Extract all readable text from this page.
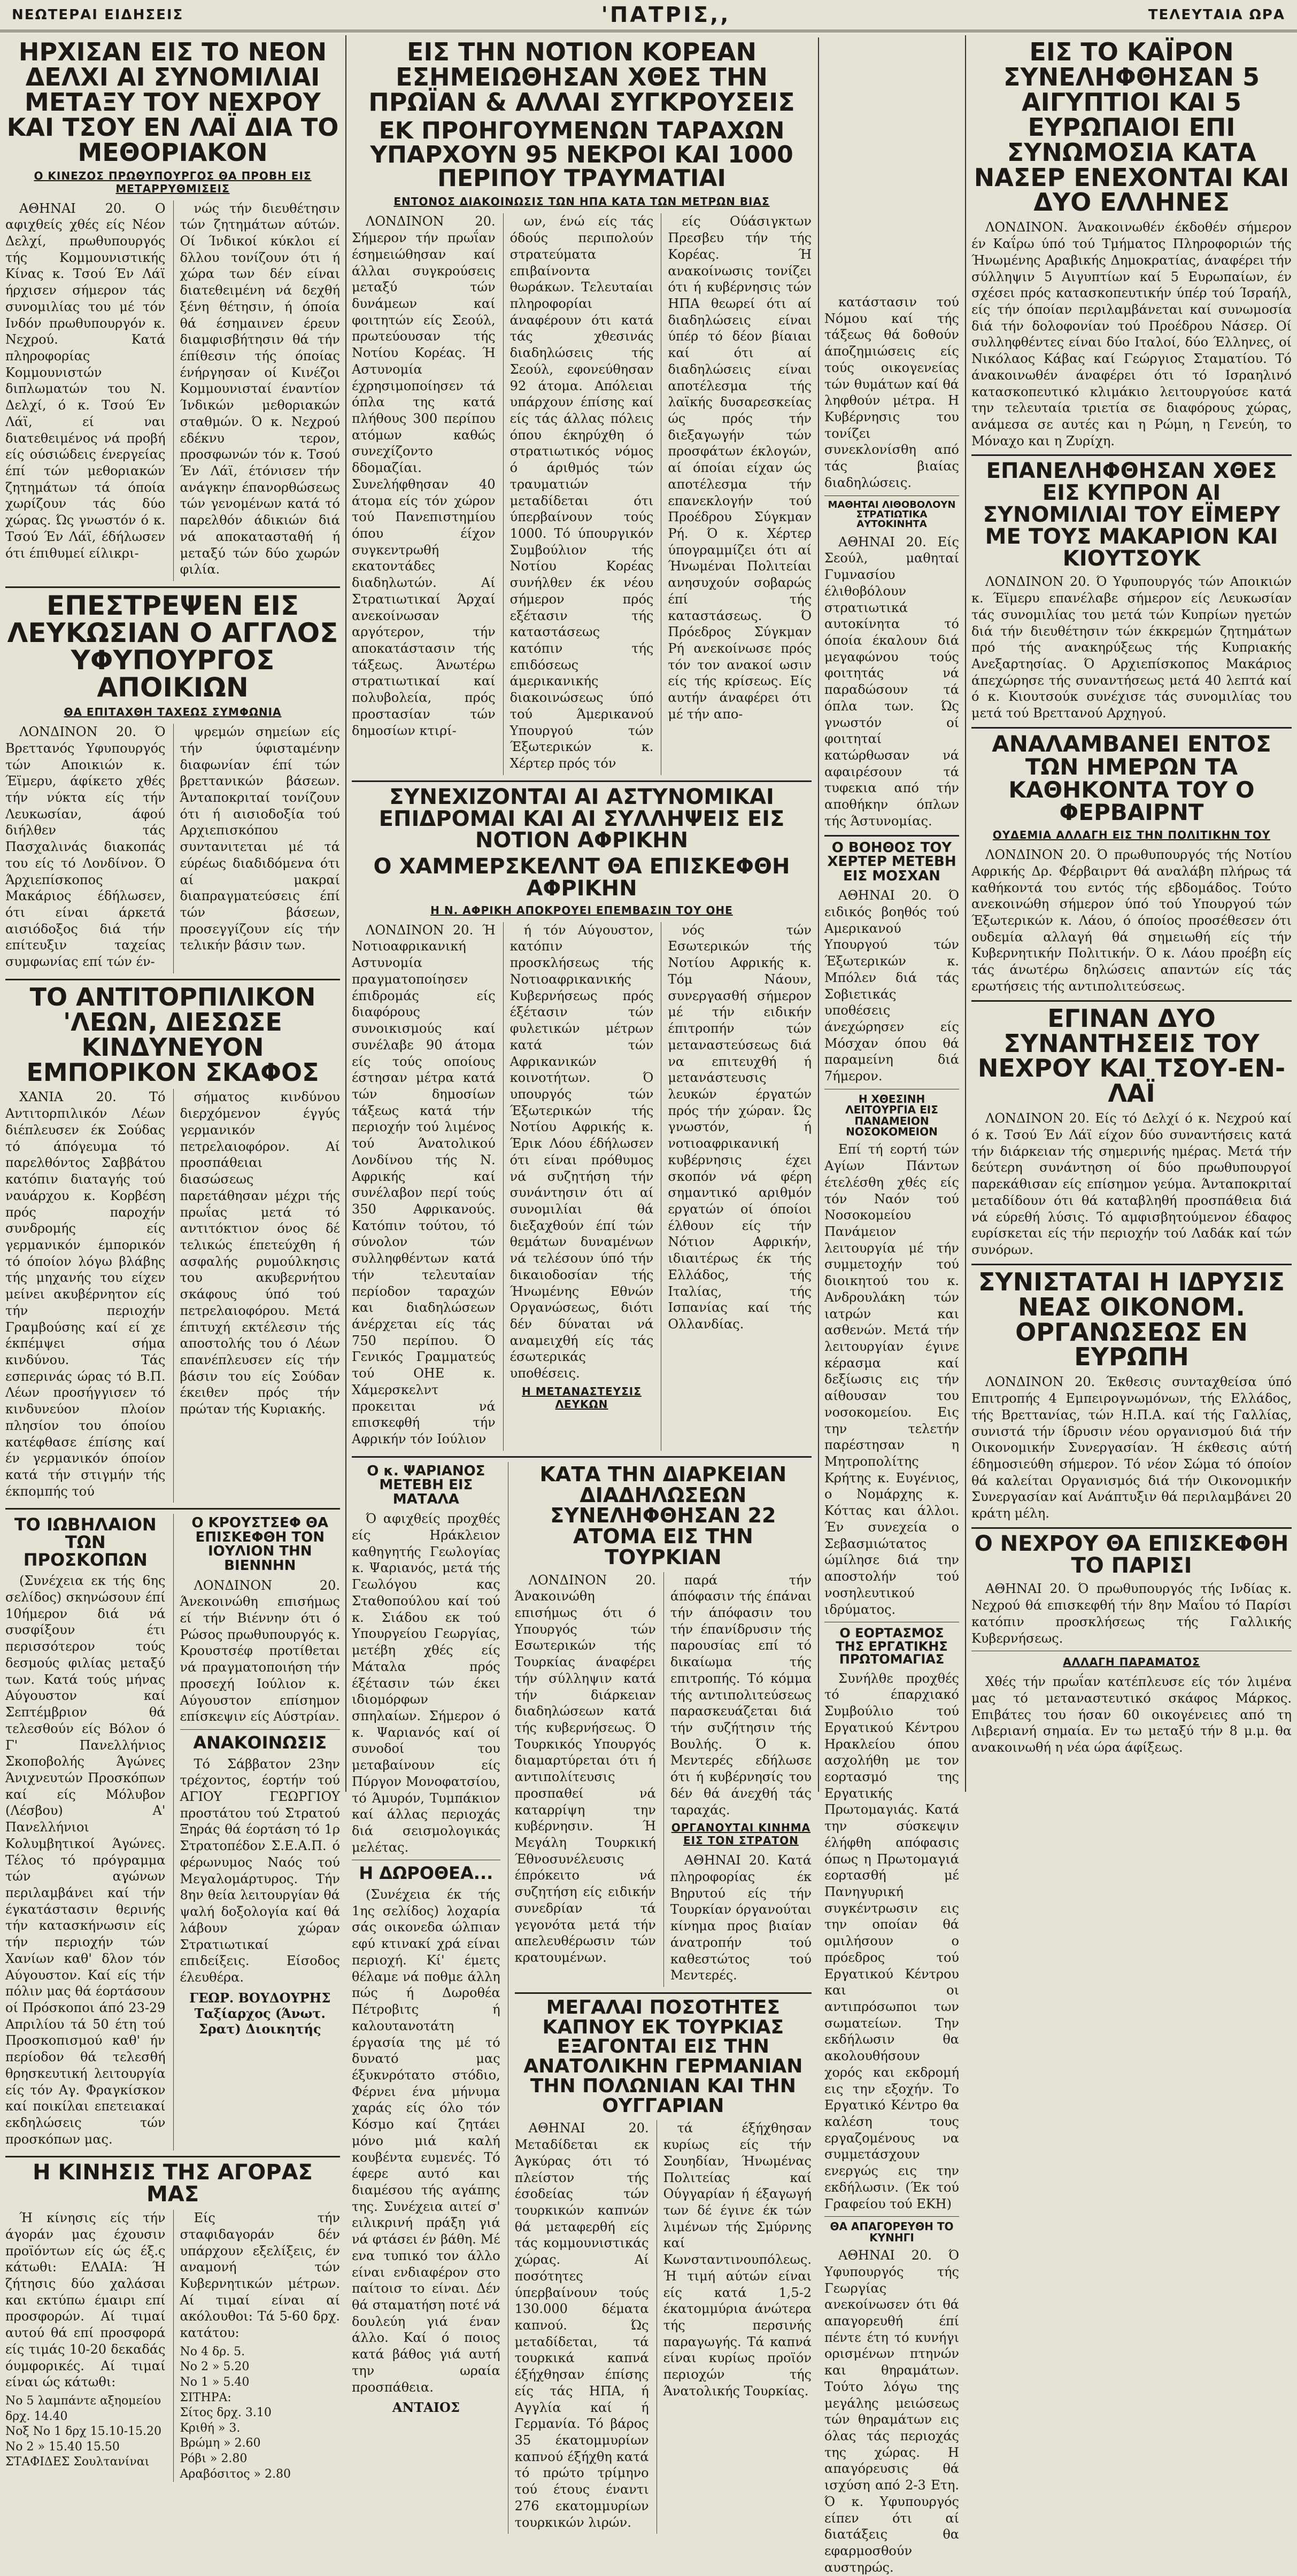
ΝΕΩΤΕΡΑΙ ΕΙΔΗΣΕΙΣ	'ΠΑΤΡΙΣ,,	ΤΕΛΕΥΤΑΙΑ ΩΡΑ
ΗΡΧΙΣΑΝ ΕΙΣ ΤΟ ΝΕΟΝ ΔΕΛΧΙ ΑΙ ΣΥΝΟΜΙΛΙΑΙ ΜΕΤΑΞΥ ΤΟΥ ΝΕΧΡΟΥ ΚΑΙ ΤΣΟΥ ΕΝ ΛΑΪ ΔΙΑ ΤΟ ΜΕΘΟΡΙΑΚΟΝ
Ο ΚΙΝΕΖΟΣ ΠΡΩΘΥΠΟΥΡΓΟΣ ΘΑ ΠΡΟΒΗ ΕΙΣ ΜΕΤΑΡΡΥΘΜΙΣΕΙΣ

ΑΘΗΝΑΙ 20. Ο αφιχθείς χθές είς Νέον Δελχί, πρωθυπουργός τής Κομμουνιστικής Κίνας κ. Τσού Έν Λάϊ ήρχισεν σήμερον τάς συνομιλίας του μέ τόν Ινδόν πρωθυπουργόν κ. Νεχρού. Κατά πληροφορίας Κομμουνιστών διπλωματών του Ν. Δελχί, ό κ. Τσού Έν Λάϊ, εί ναι διατεθειμένος νά προβή είς ούσιώδεις ένεργείας έπί τών μεθοριακών ζητημάτων τά όποία χωρίζουν τάς δύο χώρας. Ώς γνωστόν ό κ. Τσού Έν Λάϊ, έδήλωσεν ότι έπιθυμεί είλικρι-

νώς τήν διευθέτησιν τών ζητημάτων αύτών. Οί Ίνδικοί κύκλοι εί δλλου τονίζουν ότι ή χώρα των δέν είναι διατεθειμένη νά δεχθή ξένη θέτησιν, ή όποία θά έσημαινεν έρευν διαμφισβήτησιν θά τήν έπίθεσιν τής όποίας ένήργησαν οί Κινέζοι Κομμουνισταί έναντίον Ίνδικών μεθοριακών σταθμών. Ό κ. Νεχρού εδέκνυ τερον, προσφωνών τόν κ. Τσού Έν Λάϊ, έτόνισεν τήν ανάγκην έπανορθώσεως τών γενομένων κατά τό παρελθόν άδικιών διά νά αποκατασταθή ή μεταξύ τών δύο χωρών φιλία.

ΕΠΕΣΤΡΕΨΕΝ ΕΙΣ ΛΕΥΚΩΣΙΑΝ Ο ΑΓΓΛΟΣ ΥΦΥΠΟΥΡΓΟΣ ΑΠΟΙΚΙΩΝ
ΘΑ ΕΠΙΤΑΧΘΗ ΤΑΧΕΩΣ ΣΥΜΦΩΝΙΑ

ΛΟΝΔΙΝΟΝ 20. Ό Βρεττανός Υφυπουργός τών Αποικιών κ. Έϊμερυ, άφίκετο χθές τήν νύκτα είς τήν Λευκωσίαν, άφού διήλθεν τάς Πασχαλινάς διακοπάς του είς τό Λονδίνον. Ό Άρχιεπίσκοπος Μακάριος έδήλωσεν, ότι είναι άρκετά αισιόδοξος διά τήν επίτευξιν ταχείας συμφωνίας επί τών έν-

ψρεμών σημείων είς τήν ύφισταμένην διαφωνίαν έπί τών βρεττανικών βάσεων. Άνταποκριταί τονίζουν ότι ή αισιοδοξία τού Αρχιεπισκόπου συντανιτεται μέ τά εύρέως διαδιδόμενα ότι αί μακραί διαπραγματεύσεις έπί τών βάσεων, προσεγγίζουν είς τήν τελικήν βάσιν των.

ΤΟ ΑΝΤΙΤΟΡΠΙΛΙΚΟΝ 'ΛΕΩΝ, ΔΙΕΣΩΣΕ ΚΙΝΔΥΝΕΥΟΝ ΕΜΠΟΡΙΚΟΝ ΣΚΑΦΟΣ

ΧΑΝΙΑ 20. Τό Αντιτορπιλικόν Λέων διέπλευσεν έκ Σούδας τό άπόγευμα τό παρελθόντος Σαββάτου κατόπιν διαταγής τού ναυάρχου κ. Κορβέση πρός παροχήν συνδρομής είς γερμανικόν έμπορικόν τό όποίον λόγω βλάβης τής μηχανής του είχεν μείνει ακυβέρνητον είς τήν περιοχήν Γραμβούσης καί εί χε έκπέμψει σήμα κινδύνου. Τάς εσπερινάς ώρας τό Β.Π. Λέων προσήγγισεν τό κινδυνεύον πλοίον πλησίον του όποίου κατέφθασε έπίσης καί έν γερμανικόν όποίον κατά τήν στιγμήν τής έκπομπής τού

σήματος κινδύνου διερχόμενον έγγύς γερμανικόν πετρελαιοφόρον. Αί προσπάθειαι διασώσεως παρετάθησαν μέχρι τής πρωΐας μετά τό αντιτόκτιον όνος δέ τελικώς έπετεύχθη ή ασφαλής ρυμούλκησις του ακυβερνήτου σκάφους ύπό τού πετρελαιοφόρου. Μετά έπιτυχή εκτέλεσιν τής αποστολής του ό Λέων επανέπλευσεν είς τήν βάσιν του είς Σούδαν έκειθεν πρός τήν πρώταν τής Κυριακής.

ΤΟ ΙΩΒΗΛΑΙΟΝ ΤΩΝ ΠΡΟΣΚΟΠΩΝ

(Συνέχεια εκ τής 6ης σελίδος) σκηνώσουν έπί 10ήμερον διά νά συσφίξουν έτι περισσότερον τούς δεσμούς φιλίας μεταξύ των. Κατά τούς μήνας Αύγουστον καί Σεπτέμβριον θά τελεσθούν είς Βόλον ό Γ' Πανελλήνιος Σκοποβολής Άγώνες Άνιχνευτών Προσκόπων καί είς Μόλυβον (Λέσβου) Α' Πανελλήνιοι Κολυμβητικοί Άγώνες. Τέλος τό πρόγραμμα τών αγώνων περιλαμβάνει καί τήν έγκατάστασιν θερινής τήν κατασκήνωσιν είς τήν περιοχήν τών Χανίων καθ' δλον τόν Αύγουστον. Καί είς τήν πόλιν μας θά έορτάσουν οί Πρόσκοποι άπό 23-29 Απριλίου τά 50 έτη τού Προσκοπισμού καθ' ήν περίοδον θά τελεσθή θρησκευτική λειτουργία είς τόν Αγ. Φραγκίσκον καί ποικίλαι επετειακαί εκδηλώσεις τών προσκόπων μας.

Ο ΚΡΟΥΣΤΣΕΦ ΘΑ ΕΠΙΣΚΕΦΘΗ ΤΟΝ ΙΟΥΛΙΟΝ ΤΗΝ ΒΙΕΝΝΗΝ

ΛΟΝΔΙΝΟΝ 20. Άνεκοινώθη επισήμως εί τήν Βιέννην ότι ό Ρώσος πρωθυπουργός κ. Κρουστσέφ προτίθεται νά πραγματοποιήση τήν προσεχή Ιούλιον κ. Αύγουστον επίσημον επίσκεψιν είς Αύστρίαν.

ΑΝΑΚΟΙΝΩΣΙΣ

Τό Σάββατον 23ην τρέχοντος, έορτήν τού ΑΓΙΟΥ ΓΕΩΡΓΙΟΥ προστάτου τού Στρατού Ξηράς θά έορτάση τό 1ρ Στρατοπέδον Σ.Ε.Α.Π. ό φέρωνυμος Ναός τού Μεγαλομάρτυρος. Τήν 8ην θεία λειτουργίαν θά ψαλή δοξολογία καί θά λάβουν χώραν Στρατιωτικαί επιδείξεις. Είσοδος έλευθέρα.

ΓΕΩΡ. ΒΟΥΔΟΥΡΗΣ Ταξίαρχος (Άνωτ. Σρατ) Διοικητής
Η ΚΙΝΗΣΙΣ ΤΗΣ ΑΓΟΡΑΣ ΜΑΣ

Ή κίνησις είς τήν άγοράν μας έχουσιν προϊόντων είς ώς έξ.ς κάτωθι: ΕΛΑΙΑ: Ή ζήτησις δύο χαλάσαι και εκτύπω έμαιρι επί προσφορών. Αί τιμαί αυτού θά επί προσφορά είς τιμάς 10-20 δεκαδάς όυμφορικές. Αί τιμαί είναι ώς κάτωθι:

Νο 5 λαμπάντε αξηομείου δρχ. 14.40
Νοξ Νο 1 δρχ 15.10-15.20
Νο 2 » 15.40 15.50
ΣΤΑΦΙΔΕΣ Σουλτανίναι

Είς τήν σταφιδαγοράν δέν υπάρχουν εξελίξεις, έν αναμονή τών Κυβερνητικών μέτρων. Αί τιμαί είναι αί ακόλουθοι: Τά 5-60 δρχ. κατάτου:

Νο 4 δρ. 5.
Νο 2 » 5.20
Νο 1 » 5.40
ΣΙΤΗΡΑ:
Σίτος δρχ. 3.10
Κριθή » 3.
Βρώμη » 2.60
Ρόβι » 2.80
Αραβόσιτος » 2.80
ΕΙΣ ΤΗΝ ΝΟΤΙΟΝ ΚΟΡΕΑΝ ΕΣΗΜΕΙΩΘΗΣΑΝ ΧΘΕΣ ΤΗΝ ΠΡΩΪΑΝ & ΑΛΛΑΙ ΣΥΓΚΡΟΥΣΕΙΣ
ΕΚ ΠΡΟΗΓΟΥΜΕΝΩΝ ΤΑΡΑΧΩΝ ΥΠΑΡΧΟΥΝ 95 ΝΕΚΡΟΙ ΚΑΙ 1000 ΠΕΡΙΠΟΥ ΤΡΑΥΜΑΤΙΑΙ
ΕΝΤΟΝΟΣ ΔΙΑΚΟΙΝΩΣΙΣ ΤΩΝ ΗΠΑ ΚΑΤΑ ΤΩΝ ΜΕΤΡΩΝ ΒΙΑΣ

ΛΟΝΔΙΝΟΝ 20. Σήμερον τήν πρωΐαν έσημειώθησαν καί άλλαι συγκρούσεις μεταξύ τών δυνάμεων καί φοιτητών είς Σεούλ, πρωτεύουσαν τής Νοτίου Κορέας. Ή Αστυνομία έχρησιμοποίησεν τά όπλα της κατά πλήθους 300 περίπου ατόμων καθώς συνεχίζοντο δδομαζίαι. Συνελήφθησαν 40 άτομα είς τόν χώρον τού Πανεπιστημίου όπου έίχον συγκεντρωθή εκατοντάδες διαδηλωτών. Αί Στρατιωτικαί Άρχαί ανεκοίνωσαν αργότερον, τήν αποκατάστασιν τής τάξεως. Άνωτέρω στρατιωτικαί καί πολυβολεία, πρός προστασίαν τών δημοσίων κτιρί-

ων, ένώ είς τάς όδούς περιπολούν στρατεύματα επιβαίνοντα θωράκων. Τελευταίαι πληροφορίαι άναφέρουν ότι κατά τάς χθεσινάς διαδηλώσεις τής Σεούλ, εφονεύθησαν 92 άτομα. Απόλειαι υπάρχουν έπίσης καί είς τάς άλλας πόλεις όπου έκηρύχθη ό στρατιωτικός νόμος ό άριθμός τών τραυματιών μεταδίδεται ότι ύπερβαίνουν τούς 1000. Τό ύπουργικόν Συμβούλιον τής Νοτίου Κορέας συνήλθεν έκ νέου σήμερον πρός εξέτασιν τής καταστάσεως κατόπιν τής επιδόσεως άμερικανικής διακοινώσεως ύπό τού Άμερικανού Υπουργού τών Έξωτερικών κ. Χέρτερ πρός τόν

είς Ούάσιγκτων Πρεσβευ τήν τής Κορέας. Ή ανακοίνωσις τονίζει ότι ή κυβέρνησις τών ΗΠΑ θεωρεί ότι αί διαδηλώσεις είναι ύπέρ τό δέον βίαιαι καί ότι αί διαδηλώσεις είναι αποτέλεσμα τής λαϊκής δυσαρεσκείας ώς πρός τήν διεξαγωγήν τών προσφάτων έκλογών, αί όποίαι είχαν ώς αποτέλεσμα τήν επανεκλογήν τού Προέδρου Σύγκμαν Ρή. Ό κ. Χέρτερ ύπογραμμίζει ότι αί Ήνωμέναι Πολιτείαι ανησυχούν σοβαρώς έπί τής καταστάσεως. Ό Πρόεδρος Σύγκμαν Ρή ανεκοίνωσε πρός τόν τον ανακοί ωσιν είς τής κρίσεως. Είς αυτήν άναφέρει ότι μέ τήν απο-

ΣΥΝΕΧΙΖΟΝΤΑΙ ΑΙ ΑΣΤΥΝΟΜΙΚΑΙ ΕΠΙΔΡΟΜΑΙ ΚΑΙ ΑΙ ΣΥΛΛΗΨΕΙΣ ΕΙΣ ΝΟΤΙΟΝ ΑΦΡΙΚΗΝ
Ο ΧΑΜΜΕΡΣΚΕΛΝΤ ΘΑ ΕΠΙΣΚΕΦΘΗ ΑΦΡΙΚΗΝ
Η Ν. ΑΦΡΙΚΗ ΑΠΟΚΡΟΥΕΙ ΕΠΕΜΒΑΣΙΝ ΤΟΥ ΟΗΕ

ΛΟΝΔΙΝΟΝ 20. Ή Νοτιοαφρικανική Αστυνομία πραγματοποίησεν έπιδρομάς είς διαφόρους συνοικισμούς καί συνέλαβε 90 άτομα είς τούς οποίους έστησαν μέτρα κατά τών δημοσίων τάξεως κατά τήν περιοχήν τού λιμένος τού Άνατολικού Λονδίνου τής Ν. Αφρικής καί συνέλαβον περί τούς 350 Αφρικανούς. Κατόπιν τούτου, τό σύνολον τών συλληφθέντων κατά τήν τελευταίαν περίοδον ταραχών και διαδηλώσεων άνέρχεται είς τάς 750 περίπου. Ό Γενικός Γραμματεύς τού ΟΗΕ κ. Χάμερσκελντ προκειται νά επισκεφθή τήν Αφρικήν τόν Ιούλιον

ή τόν Αύγουστον, κατόπιν προσκλήσεως τής Νοτιοαφρικανικής Κυβερνήσεως πρός έξέτασιν τών φυλετικών μέτρων κατά τών Αφρικανικών κοινοτήτων. Ό υπουργός τών Έξωτερικών τής Νοτίου Αφρικής κ. Έρικ Λόου έδήλωσεν ότι είναι πρόθυμος νά συζητήση τήν συνάντησιν ότι αί συνομιλίαι θά διεξαχθούν έπί τών θεμάτων δυναμένων νά τελέσουν ύπό τήν δικαιοδοσίαν τής Ήνωμένης Εθνών Οργανώσεως, διότι δέν δύναται νά αναμειχθή είς τάς έσωτερικάς υποθέσεις.

Η ΜΕΤΑΝΑΣΤΕΥΣΙΣ ΛΕΥΚΩΝ

νός τών Εσωτερικών τής Νοτίου Αφρικής κ. Τόμ Νάουν, συνεργασθή σήμερον μέ τήν ειδικήν έπιτροπήν τών μεταναστεύσεως διά να επιτευχθή ή μετανάστευσις λευκών έργατών πρός τήν χώραν. Ώς γνωστόν, ή νοτιοαφρικανική κυβέρνησις έχει σκοπόν νά φέρη σημαντικό αριθμόν εργατών οί όποίοι έλθουν είς τήν Νότιον Αφρικήν, ιδιαιτέρως έκ τής Ελλάδος, τής Ιταλίας, τής Ισπανίας καί τής Ολλανδίας.

Ο κ. ΨΑΡΙΑΝΟΣ ΜΕΤΕΒΗ ΕΙΣ ΜΑΤΑΛΑ

Ό αφιχθείς προχθές είς Ηράκλειον καθηγητής Γεωλογίας κ. Ψαριανός, μετά τής Γεωλόγου κας Σταθοπούλου καί τού κ. Σιάδου εκ τού Υπουργείου Γεωργίας, μετέβη χθές είς Μάταλα πρός έξέτασιν τών έκει ιδιομόρφων σπηλαίων. Σήμερον ό κ. Ψαριανός καί οί συνοδοί του μεταβαίνουν είς Πύργον Μονοφατσίου, τό Άμυρόν, Τυμπάκιον καί άλλας περιοχάς διά σεισμολογικάς μελέτας.

Η ΔΩΡΟΘΕΑ...

(Συνέχεια έκ τής 1ης σελίδος) λοχαρία σάς οικονεδα ώλπιαν εφύ κτινακί χρά είναι περιοχή. Κί' έμετς θέλαμε νά ποθμε άλλη πώς ή Δωροθέα Πέτροβιτς ή καλουτανοτάτη έργασία της μέ τό δυνατό μας έξυκνρότατο στόδιο, Φέρνει ένα μήνυμα χαράς είς όλο τόν Κόσμο καί ζητάει μόνο μιά καλή κουβέντα ευμενές. Τό έφερε αυτό και διαμέσου τής αγάπης της. Συνέχεια αιτεί σ' ειλικρινή πράξη γιά νά φτάσει έν βάθη. Μέ ενα τυπικό τον άλλο είναι ενδιαφέρον στο παίτοισ το είναι. Δέν θά σταματήση ποτέ νά δουλεύη γιά έναν άλλο. Καί ό ποιος κατά βάθος γιά αυτή την ωραία προσπάθεια.

ΑΝΤΑΙΟΣ
ΚΑΤΑ ΤΗΝ ΔΙΑΡΚΕΙΑΝ ΔΙΑΔΗΛΩΣΕΩΝ ΣΥΝΕΛΗΦΘΗΣΑΝ 22 ΑΤΟΜΑ ΕΙΣ ΤΗΝ ΤΟΥΡΚΙΑΝ

ΛΟΝΔΙΝΟΝ 20. Άνακοινώθη επισήμως ότι ό Υπουργός τών Εσωτερικών τής Τουρκίας άναφέρει τήν σύλληψιν κατά τήν διάρκειαν διαδηλώσεων κατά τής κυβερνήσεως. Ό Τουρκικός Υπουργός διαμαρτύρεται ότι ή αντιπολίτευσις προσπαθεί νά καταρρίψη την κυβέρνησιν. Ή Μεγάλη Τουρκική Έθνοσυνέλευσις έπρόκειτο νά συζητήση είς ειδικήν συνεδρίαν τά γεγονότα μετά τήν απελευθέρωσιν τών κρατουμένων.

παρά τήν άπόφασιν τής έπάναι τήν άπόφασιν του τήν έπανίδρυσιν τής παρουσίας επί τό δικαίωμα τής επιτροπής. Τό κόμμα τής αντιπολιτεύσεως παρασκευάζεται διά τήν συζήτησιν τής Βουλής. Ό κ. Μεντερές εδήλωσε ότι ή κυβέρνησίς του δέν θά άνεχθή τάς ταραχάς.

ΟΡΓΑΝΟΥΤΑΙ ΚΙΝΗΜΑ ΕΙΣ ΤΟΝ ΣΤΡΑΤΟΝ

ΑΘΗΝΑΙ 20. Κατά πληροφορίας έκ Βηρυτού είς τήν Τουρκίαν όργανούται κίνημα προς βιαίαν άνατροπήν τού καθεστώτος τού Μεντερές.

ΜΕΓΑΛΑΙ ΠΟΣΟΤΗΤΕΣ ΚΑΠΝΟΥ ΕΚ ΤΟΥΡΚΙΑΣ ΕΞΑΓΟΝΤΑΙ ΕΙΣ ΤΗΝ ΑΝΑΤΟΛΙΚΗΝ ΓΕΡΜΑΝΙΑΝ ΤΗΝ ΠΟΛΩΝΙΑΝ ΚΑΙ ΤΗΝ ΟΥΓΓΑΡΙΑΝ

ΑΘΗΝΑΙ 20. Μεταδίδεται εκ Άγκύρας ότι τό πλείστον τής έσοδείας τών τουρκικών καπνών θά μεταφερθή είς τάς κομμουνιστικάς χώρας. Αί ποσότητες ύπερβαίνουν τούς 130.000 δέματα καπνού. Ώς μεταδίδεται, τά τουρκικά καπνά έξήχθησαν έπίσης είς τάς ΗΠΑ, ή Αγγλία καί ή Γερμανία. Τό βάρος 35 έκατομμυρίων καπνού έξήχθη κατά τό πρώτο τρίμηνο τού έτους έναντι 276 εκατομμυρίων τουρκικών λιρών.

τά έξήχθησαν κυρίως είς τήν Σουηδίαν, Ήνωμένας Πολιτείας καί Ούγγαρίαν ή έξαγωγή των δέ έγινε έκ τών λιμένων τής Σμύρνης καί Κωνσταντινουπόλεως. Ή τιμή αύτών είναι είς κατά 1,5-2 έκατομμύρια άνώτερα τής περσινής παραγωγής. Τά καπνά είναι κυρίως προϊόν περιοχών τής Άνατολικής Τουρκίας.

κατάστασιν τού Νόμου καί τής τάξεως θά δοθούν άποζημιώσεις είς τούς οικογενείας τών θυμάτων καί θά ληφθούν μέτρα. Η Κυβέρνησις του τονίζει συνεκλονίσθη από τάς βιαίας διαδηλώσεις.

ΜΑΘΗΤΑΙ ΛΙΘΟΒΟΛΟΥΝ ΣΤΡΑΤΙΩΤΙΚΑ ΑΥΤΟΚΙΝΗΤΑ

ΑΘΗΝΑΙ 20. Είς Σεούλ, μαθηταί Γυμνασίου έλιθοβόλουν στρατιωτικά αυτοκίνητα τό όποία έκαλουν διά μεγαφώνου τούς φοιτητάς νά παραδώσουν τά όπλα των. Ώς γνωστόν οί φοιτηταί κατώρθωσαν νά αφαιρέσουν τά τυφεκια από τήν αποθήκην όπλων τής Άστυνομίας.

Ο ΒΟΗΘΟΣ ΤΟΥ ΧΕΡΤΕΡ ΜΕΤΕΒΗ ΕΙΣ ΜΟΣΧΑΝ

ΑΘΗΝΑΙ 20. Ό ειδικός βοηθός τού Αμερικανού Υπουργού τών Έξωτερικών κ. Μπόλεν διά τάς Σοβιετικάς υποθέσεις άνεχώρησεν είς Μόσχαν όπου θά παραμείνη διά 7ήμερον.

Η ΧΘΕΣΙΝΗ ΛΕΙΤΟΥΡΓΙΑ ΕΙΣ ΠΑΝΑΜΕΙΟΝ ΝΟΣΟΚΟΜΕΙΟΝ

Επί τή εορτή τών Αγίων Πάντων έτελέσθη χθές είς τόν Ναόν τού Νοσοκομείου Πανάμειον λειτουργία μέ τήν συμμετοχήν τού διοικητού του κ. Ανδρουλάκη τών ιατρών και ασθενών. Μετά τήν λειτουργίαν έγινε κέρασμα καί δεξίωσις εις τήν αίθουσαν του νοσοκομείου. Εις την τελετήν παρέστησαν η Μητροπολίτης Κρήτης κ. Ευγένιος, ο Νομάρχης κ. Κόττας και άλλοι. Έν συνεχεία ο Σεβασμιώτατος ώμίλησε διά την αποστολήν τού νοσηλευτικού ιδρύματος.

Ο ΕΟΡΤΑΣΜΟΣ ΤΗΣ ΕΡΓΑΤΙΚΗΣ ΠΡΩΤΟΜΑΓΙΑΣ

Συνήλθε προχθές τό έπαρχιακό Συμβούλιο τού Εργατικού Κέντρου Ηρακλείου όπου ασχολήθη με τον εορτασμό της Εργατικής Πρωτομαγιάς. Κατά την σύσκεψιν έλήφθη απόφασις όπως η Πρωτομαγιά εορτασθή μέ Πανηγυρική συγκέντρωσιν εις την οποίαν θά ομιλήσουν ο πρόεδρος τού Εργατικού Κέντρου και οι αντιπρόσωποι των σωματείων. Την εκδήλωσιν θα ακολουθήσουν χορός και εκδρομή εις την εξοχήν. Το Εργατικό Κέντρο θα καλέση τους εργαζομένους να συμμετάσχουν ενεργώς εις την εκδήλωσιν. (Έκ τού Γραφείου τού ΕΚΗ)

ΘΑ ΑΠΑΓΟΡΕΥΘΗ ΤΟ ΚΥΝΗΓΙ

ΑΘΗΝΑΙ 20. Ό Υφυπουργός τής Γεωργίας ανεκοίνωσεν ότι θά απαγορευθή έπί πέντε έτη τό κυνήγι ορισμένων πτηνών και θηραμάτων. Τούτο λόγω της μεγάλης μειώσεως τών θηραμάτων εις όλας τάς περιοχάς της χώρας. Η απαγόρευσις θά ισχύση από 2-3 Ετη. Ό κ. Υφυπουργός είπεν ότι αί διατάξεις θα εφαρμοσθούν αυστηρώς.

ΕΙΣ ΤΟ ΚΑΪΡΟΝ ΣΥΝΕΛΗΦΘΗΣΑΝ 5 ΑΙΓΥΠΤΙΟΙ ΚΑΙ 5 ΕΥΡΩΠΑΙΟΙ ΕΠΙ ΣΥΝΩΜΟΣΙΑ ΚΑΤΑ ΝΑΣΕΡ ΕΝΕΧΟΝΤΑΙ ΚΑΙ ΔΥΟ ΕΛΛΗΝΕΣ

ΛΟΝΔΙΝΟΝ. Άνακοινωθέν έκδοθέν σήμερον έν Καΐρω ύπό τού Τμήματος Πληροφοριών τής Ήνωμένης Αραβικής Δημοκρατίας, άναφέρει τήν σύλληψιν 5 Αιγυπτίων καί 5 Ευρωπαίων, έν σχέσει πρός κατασκοπευτικήν ύπέρ τού Ίσραήλ, είς τήν όποίαν περιλαμβάνεται καί συνωμοσία διά τήν δολοφονίαν τού Προέδρου Νάσερ. Οί συλληφθέντες είναι δύο Ιταλοί, δύο Έλληνες, οί Νικόλαος Κάβας καί Γεώργιος Σταματίου. Τό άνακοινωθέν άναφέρει ότι τό Ισραηλινό κατασκοπευτικό κλιμάκιο λειτουργούσε κατά την τελευταία τριετία σε διαφόρους χώρας, ανάμεσα σε αυτές και η Ρώμη, η Γενεύη, το Μόναχο και η Ζυρίχη.

ΕΠΑΝΕΛΗΦΘΗΣΑΝ ΧΘΕΣ ΕΙΣ ΚΥΠΡΟΝ ΑΙ ΣΥΝΟΜΙΛΙΑΙ ΤΟΥ ΕΪΜΕΡΥ ΜΕ ΤΟΥΣ ΜΑΚΑΡΙΟΝ ΚΑΙ ΚΙΟΥΤΣΟΥΚ

ΛΟΝΔΙΝΟΝ 20. Ό Υφυπουργός τών Αποικιών κ. Έϊμερυ επανέλαβε σήμερον είς Λευκωσίαν τάς συνομιλίας του μετά τών Κυπρίων ηγετών διά τήν διευθέτησιν τών έκκρεμών ζητημάτων πρό τής ανακηρύξεως τής Κυπριακής Ανεξαρτησίας. Ό Αρχιεπίσκοπος Μακάριος άπεχώρησε τής συναντήσεως μετά 40 λεπτά καί ό κ. Κιουτσούκ συνέχισε τάς συνομιλίας του μετά τού Βρεττανού Αρχηγού.

ΑΝΑΛΑΜΒΑΝΕΙ ΕΝΤΟΣ ΤΩΝ ΗΜΕΡΩΝ ΤΑ ΚΑΘΗΚΟΝΤΑ ΤΟΥ Ο ΦΕΡΒΑΙΡΝΤ
ΟΥΔΕΜΙΑ ΑΛΛΑΓΗ ΕΙΣ ΤΗΝ ΠΟΛΙΤΙΚΗΝ ΤΟΥ

ΛΟΝΔΙΝΟΝ 20. Ό πρωθυπουργός τής Νοτίου Αφρικής Δρ. Φέρβαιρντ θά αναλάβη πλήρως τά καθήκοντά του εντός τής εβδομάδος. Τούτο ανεκοινώθη σήμερον ύπό τού Υπουργού τών Έξωτερικών κ. Λάου, ό όποίος προσέθεσεν ότι ουδεμία αλλαγή θά σημειωθή είς τήν Κυβερνητικήν Πολιτικήν. Ό κ. Λάου προέβη είς τάς άνωτέρω δηλώσεις απαντών είς τάς ερωτήσεις τής αντιπολιτεύσεως.

ΕΓΙΝΑΝ ΔΥΟ ΣΥΝΑΝΤΗΣΕΙΣ ΤΟΥ ΝΕΧΡΟΥ ΚΑΙ ΤΣΟΥ-ΕΝ-ΛΑΪ

ΛΟΝΔΙΝΟΝ 20. Είς τό Δελχί ό κ. Νεχρού καί ό κ. Τσού Έν Λάϊ είχον δύο συναντήσεις κατά τήν διάρκειαν τής σημερινής ημέρας. Μετά τήν δεύτερη συνάντηση οί δύο πρωθυπουργοί παρεκάθισαν είς επίσημον γεύμα. Άνταποκριταί μεταδίδουν ότι θά καταβληθή προσπάθεια διά νά εύρεθή λύσις. Τό αμφισβητούμενον έδαφος ευρίσκεται είς τήν περιοχήν τού Λαδάκ καί τών συνόρων.

ΣΥΝΙΣΤΑΤΑΙ Η ΙΔΡΥΣΙΣ ΝΕΑΣ ΟΙΚΟΝΟΜ. ΟΡΓΑΝΩΣΕΩΣ ΕΝ ΕΥΡΩΠΗ

ΛΟΝΔΙΝΟΝ 20. Έκθεσις συνταχθείσα ύπό Επιτροπής 4 Εμπειρογνωμόνων, τής Ελλάδος, τής Βρεττανίας, τών Η.Π.Α. καί τής Γαλλίας, συνιστά τήν ίδρυσιν νέου οργανισμού διά τήν Οικονομικήν Συνεργασίαν. Ή έκθεσις αύτή έδημοσιεύθη σήμερον. Τό νέον Σώμα τό όποίον θά καλείται Οργανισμός διά τήν Οικονομικήν Συνεργασίαν καί Ανάπτυξιν θά περιλαμβάνει 20 κράτη μέλη.

Ο ΝΕΧΡΟΥ ΘΑ ΕΠΙΣΚΕΦΘΗ ΤΟ ΠΑΡΙΣΙ

ΑΘΗΝΑΙ 20. Ό πρωθυπουργός τής Ινδίας κ. Νεχρού θά επισκεφθή τήν 8ην Μαΐου τό Παρίσι κατόπιν προσκλήσεως τής Γαλλικής Κυβερνήσεως.

ΑΛΛΑΓΗ ΠΑΡΑΜΑΤΟΣ

Χθές τήν πρωΐαν κατέπλευσε είς τόν λιμένα μας τό μεταναστευτικό σκάφος Μάρκος. Επιβάτες του ήσαν 60 οικογένειες από τη Λιβεριανή σημαία. Εν τω μεταξύ τήν 8 μ.μ. θα ανακοινωθή η νέα ώρα άφίξεως.
